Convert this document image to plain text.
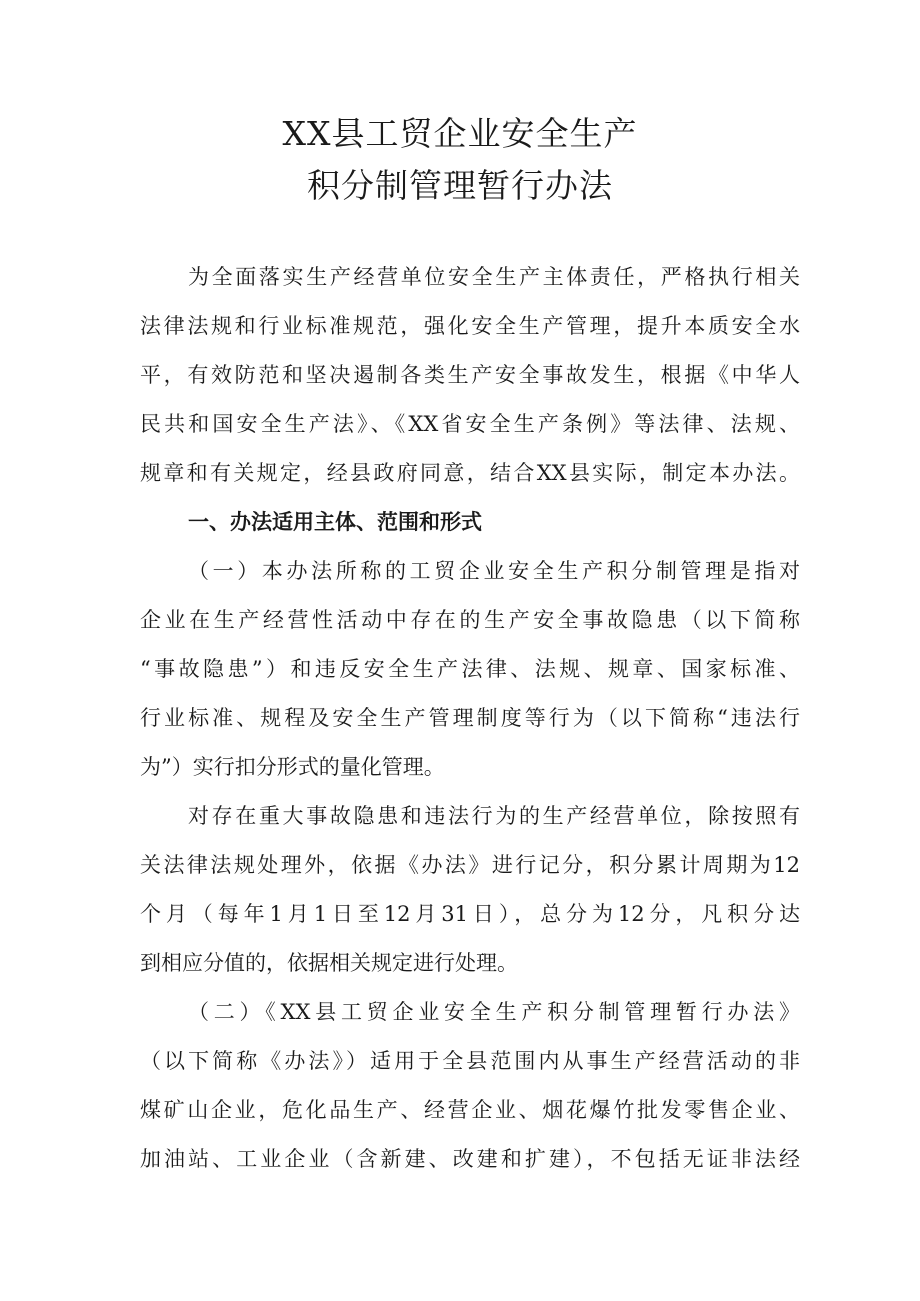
XX县工贸企业安全生产
积分制管理暂行办法

为全面落实生产经营单位安全生产主体责任，严格执行相关

法律法规和行业标准规范，强化安全生产管理，提升本质安全水

平，有效防范和坚决遏制各类生产安全事故发生，根据《中华人

民共和国安全生产法》、《XX省安全生产条例》等法律、法规、

规章和有关规定，经县政府同意，结合XX县实际，制定本办法。

一、办法适用主体、范围和形式

（一）本办法所称的工贸企业安全生产积分制管理是指对

企业在生产经营性活动中存在的生产安全事故隐患（以下简称

“事故隐患”）和违反安全生产法律、法规、规章、国家标准、

行业标准、规程及安全生产管理制度等行为（以下简称“违法行

为”）实行扣分形式的量化管理。

对存在重大事故隐患和违法行为的生产经营单位，除按照有

关法律法规处理外，依据《办法》进行记分，积分累计周期为12

个月（每年1月1日至12月31日），总分为12分，凡积分达

到相应分值的，依据相关规定进行处理。

（二）《XX县工贸企业安全生产积分制管理暂行办法》

（以下简称《办法》）适用于全县范围内从事生产经营活动的非

煤矿山企业，危化品生产、经营企业、烟花爆竹批发零售企业、

加油站、工业企业（含新建、改建和扩建），不包括无证非法经
